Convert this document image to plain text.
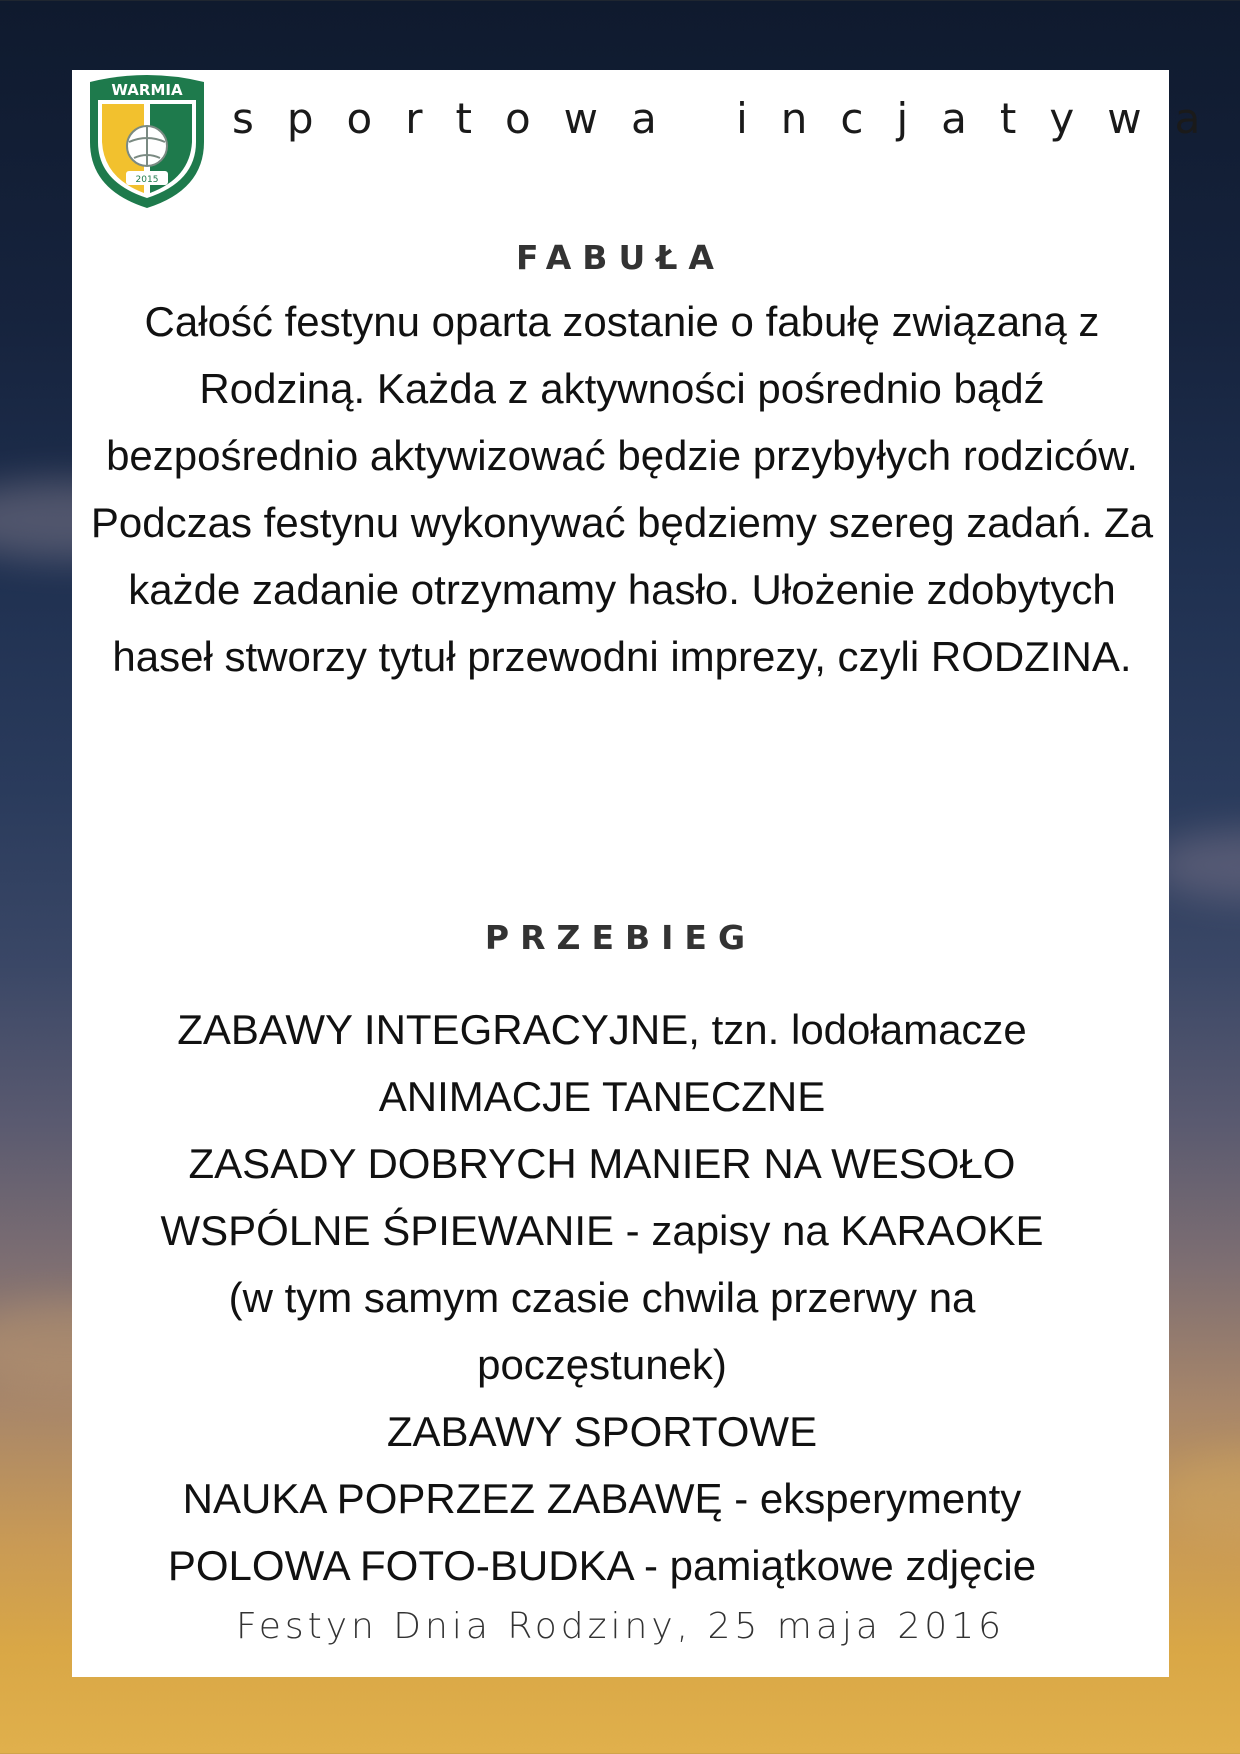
2015
WARMIA
sportowa incjatywa
FABUŁA
Całość festynu oparta zostanie o fabułę związaną z Rodziną. Każda z aktywności pośrednio bądź bezpośrednio aktywizować będzie przybyłych rodziców. Podczas festynu wykonywać będziemy szereg zadań. Za każde zadanie otrzymamy hasło. Ułożenie zdobytych haseł stworzy tytuł przewodni imprezy, czyli RODZINA.
PRZEBIEG
ZABAWY INTEGRACYJNE, tzn. lodołamacze
ANIMACJE TANECZNE
ZASADY DOBRYCH MANIER NA WESOŁO
WSPÓLNE ŚPIEWANIE - zapisy na KARAOKE
(w tym samym czasie chwila przerwy na
poczęstunek)
ZABAWY SPORTOWE
NAUKA POPRZEZ ZABAWĘ - eksperymenty
POLOWA FOTO-BUDKA - pamiątkowe zdjęcie
Festyn Dnia Rodziny, 25 maja 2016
